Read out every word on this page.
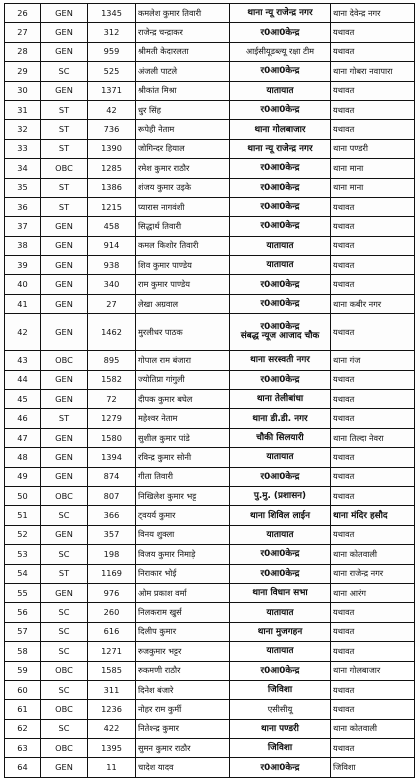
26	GEN	1345	कमलेश कुमार तिवारी	थाना न्यू राजेन्द्र नगर	थाना देवेन्द्र नगर
27	GEN	312	राजेन्द्र चन्द्राकर	र0आ0केन्द्र	यथावत
28	GEN	959	श्रीमती केदारलता	आईसीयूडब्ल्यू रक्षा टीम	यथावत
29	SC	525	अंजली पाटले	र0आ0केन्द्र	थाना गोबरा नवापारा
30	GEN	1371	श्रीकांत मिश्रा	यातायात	यथावत
31	ST	42	धुर सिंह	र0आ0केन्द्र	यथावत
32	ST	736	रूपेही नेताम	थाना गोलबाजार	यथावत
33	ST	1390	जोगिन्दर हियाल	थाना न्यू राजेन्द्र नगर	थाना पण्डरी
34	OBC	1285	रमेश कुमार राठौर	र0आ0केन्द्र	थाना माना
35	ST	1386	शंजय कुमार उइके	र0आ0केन्द्र	थाना माना
36	ST	1215	प्यारास नागवंशी	र0आ0केन्द्र	यथावत
37	GEN	458	सिद्धार्थ तिवारी	र0आ0केन्द्र	यथावत
38	GEN	914	कमल किशोर तिवारी	यातायात	यथावत
39	GEN	938	शिव कुमार पाण्डेय	यातायात	यथावत
40	GEN	340	राम कुमार पाण्डेय	र0आ0केन्द्र	यथावत
41	GEN	27	लेखा अग्रवाल	र0आ0केन्द्र	थाना कबीर नगर
42	GEN	1462	मुरलीधर पाठक	र0आ0केन्द्र
संबद्ध न्यूज आजाद चौक	यथावत
43	OBC	895	गोपाल राम बंजारा	थाना सरस्वती नगर	थाना गंज
44	GEN	1582	ज्योतिप्रा गांगुली	र0आ0केन्द्र	यथावत
45	GEN	72	दीपक कुमार बघेल	थाना तेलीबांधा	यथावत
46	ST	1279	महेश्वर नेताम	थाना डी.डी. नगर	यथावत
47	GEN	1580	सुशील कुमार पांडे	चौकी सिलयारी	थाना तिल्दा नेवरा
48	GEN	1394	रविन्द्र कुमार सोनी	यातायात	यथावत
49	GEN	874	गीता तिवारी	र0आ0केन्द्र	यथावत
50	OBC	807	निखिलेश कुमार भट्ट	पु.मु. (प्रशासन)	यथावत
51	SC	366	ट्वयर्य कुमार	थाना शिविल लाईन	थाना मंदिर हसौद
52	GEN	357	विनय शुक्ला	यातायात	यथावत
53	SC	198	विजय कुमार निमाड़े	र0आ0केन्द्र	थाना कोतवाली
54	ST	1169	निराकार भोई	र0आ0केन्द्र	थाना राजेन्द्र नगर
55	GEN	976	ओम प्रकाश वर्मा	थाना विधान सभा	थाना आरंग
56	SC	260	निलकराम खुर्स	यातायात	यथावत
57	SC	616	दिलीप कुमार	थाना मुजगहन	यथावत
58	SC	1271	रुजकुमार भट्टर	यातायात	यथावत
59	OBC	1585	रुकमणी राठौर	र0आ0केन्द्र	थाना गोलबाजार
60	SC	311	दिनेश बंजारे	जिविशा	यथावत
61	OBC	1236	नोहर राम कुर्मी	एसीसीयू	यथावत
62	SC	422	नितेश्न्द्र कुमार	थाना पण्डरी	थाना कोतवाली
63	OBC	1395	सुमन कुमार राठौर	जिविशा	यथावत
64	GEN	11	चादेश यादव	र0आ0केन्द्र	जिविशा
